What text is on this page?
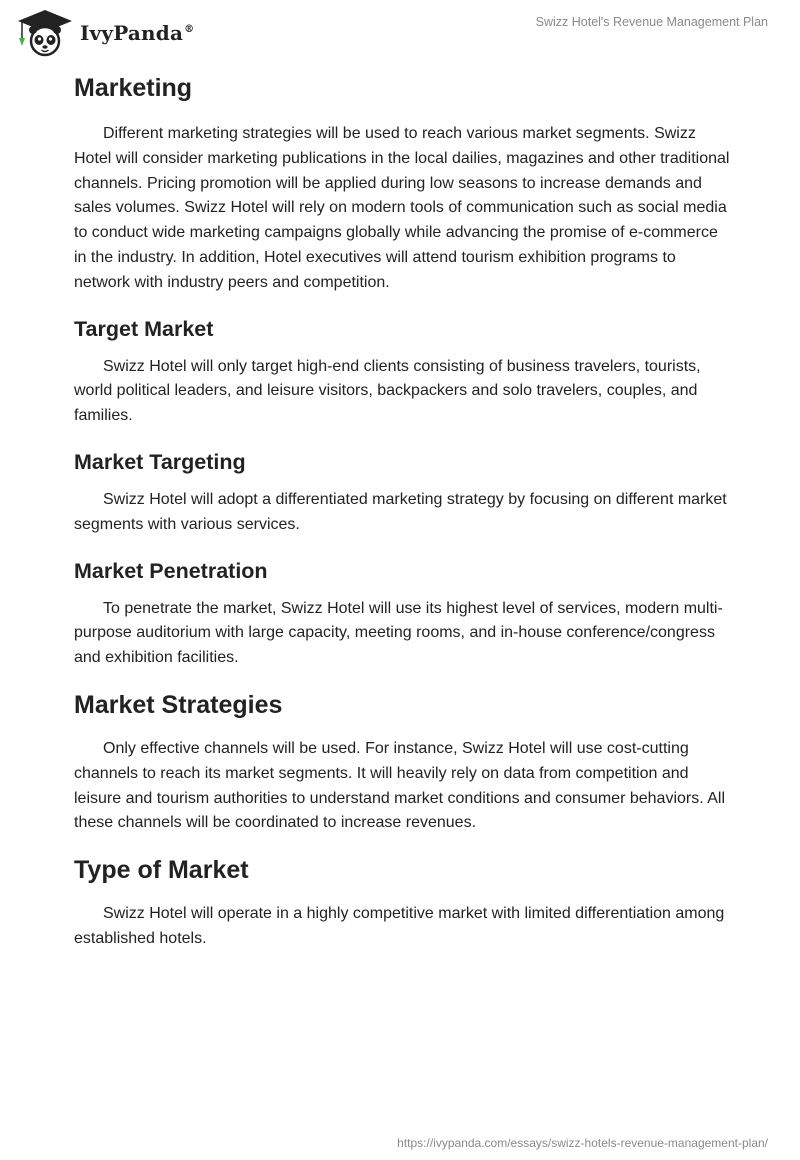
IvyPanda®
Swizz Hotel's Revenue Management Plan
Marketing

Different marketing strategies will be used to reach various market segments. Swizz Hotel will consider marketing publications in the local dailies, magazines and other traditional channels. Pricing promotion will be applied during low seasons to increase demands and sales volumes. Swizz Hotel will rely on modern tools of communication such as social media to conduct wide marketing campaigns globally while advancing the promise of e-commerce in the industry. In addition, Hotel executives will attend tourism exhibition programs to network with industry peers and competition.

Target Market

Swizz Hotel will only target high-end clients consisting of business travelers, tourists, world political leaders, and leisure visitors, backpackers and solo travelers, couples, and families.

Market Targeting

Swizz Hotel will adopt a differentiated marketing strategy by focusing on different market segments with various services.

Market Penetration

To penetrate the market, Swizz Hotel will use its highest level of services, modern multi-purpose auditorium with large capacity, meeting rooms, and in-house conference/congress and exhibition facilities.

Market Strategies

Only effective channels will be used. For instance, Swizz Hotel will use cost-cutting channels to reach its market segments. It will heavily rely on data from competition and leisure and tourism authorities to understand market conditions and consumer behaviors. All these channels will be coordinated to increase revenues.

Type of Market

Swizz Hotel will operate in a highly competitive market with limited differentiation among established hotels.

https://ivypanda.com/essays/swizz-hotels-revenue-management-plan/
